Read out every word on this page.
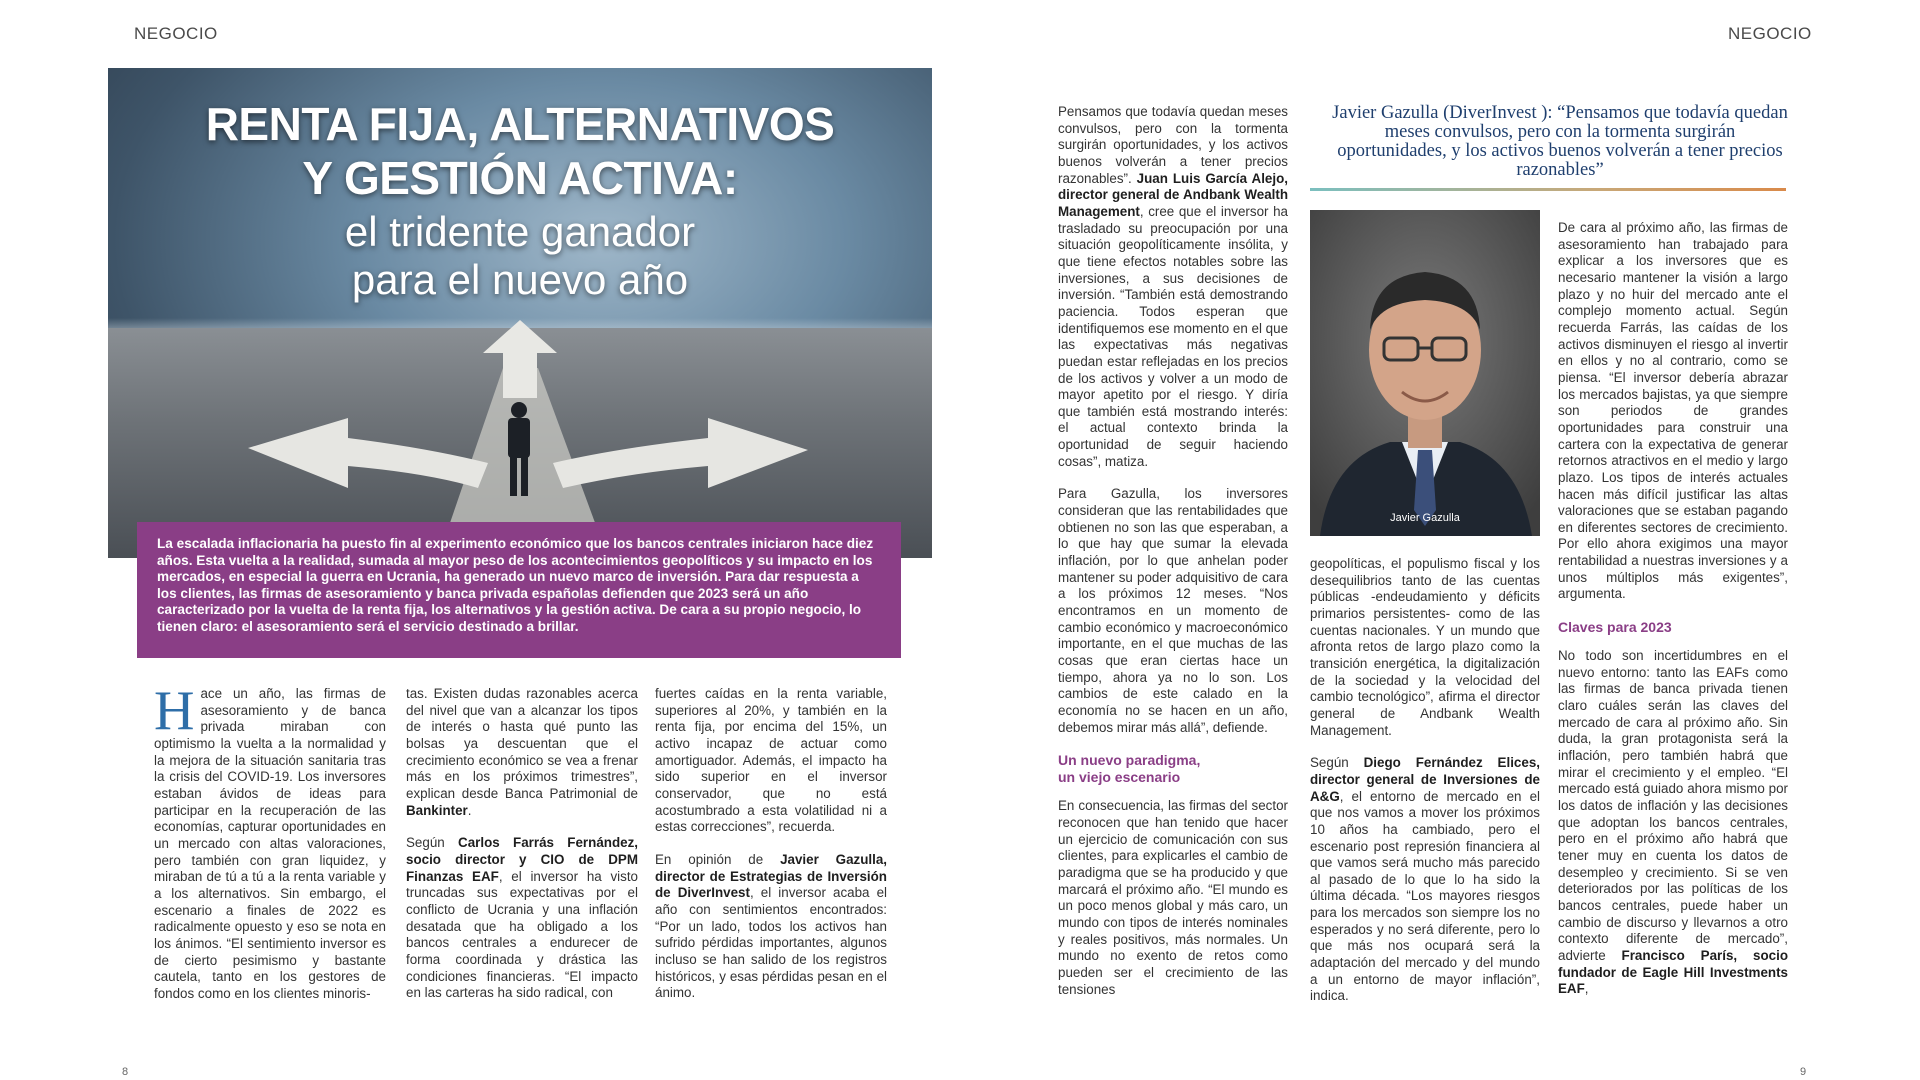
NEGOCIO	NEGOCIO
RENTA FIJA, ALTERNATIVOS
Y GESTIÓN ACTIVA:
el tridente ganador
para el nuevo año
La escalada inflacionaria ha puesto fin al experimento económico que los bancos centrales iniciaron hace diez años. Esta vuelta a la realidad, sumada al mayor peso de los acontecimientos geopolíticos y su impacto en los mercados, en especial la guerra en Ucrania, ha generado un nuevo marco de inversión. Para dar respuesta a los clientes, las firmas de asesoramiento y banca privada españolas defienden que 2023 será un año caracterizado por la vuelta de la renta fija, los alternativos y la gestión activa. De cara a su propio negocio, lo tienen claro: el asesoramiento será el servicio destinado a brillar.

Hace un año, las firmas de asesoramiento y de banca privada miraban con optimismo la vuelta a la normalidad y la mejora de la situación sanitaria tras la crisis del COVID-19. Los inversores estaban ávidos de ideas para participar en la recuperación de las economías, capturar oportunidades en un mercado con altas valoraciones, pero también con gran liquidez, y miraban de tú a tú a la renta variable y a los alternativos. Sin embargo, el escenario a finales de 2022 es radicalmente opuesto y eso se nota en los ánimos. “El sentimiento inversor es de cierto pesimismo y bastante cautela, tanto en los gestores de fondos como en los clientes minoris-

tas. Existen dudas razonables acerca del nivel que van a alcanzar los tipos de interés o hasta qué punto las bolsas ya descuentan que el crecimiento económico se vea a frenar más en los próximos trimestres”, explican desde Banca Patrimonial de Bankinter.

Según Carlos Farrás Fernández, socio director y CIO de DPM Finanzas EAF, el inversor ha visto truncadas sus expectativas por el conflicto de Ucrania y una inflación desatada que ha obligado a los bancos centrales a endurecer de forma coordinada y drástica las condiciones financieras. “El impacto en las carteras ha sido radical, con

fuertes caídas en la renta variable, superiores al 20%, y también en la renta fija, por encima del 15%, un activo incapaz de actuar como amortiguador. Además, el impacto ha sido superior en el inversor conservador, que no está acostumbrado a esta volatilidad ni a estas correcciones”, recuerda.

En opinión de Javier Gazulla, director de Estrategias de Inversión de DiverInvest, el inversor acaba el año con sentimientos encontrados: “Por un lado, todos los activos han sufrido pérdidas importantes, algunos incluso se han salido de los registros históricos, y esas pérdidas pesan en el ánimo.

Pensamos que todavía quedan meses convulsos, pero con la tormenta surgirán oportunidades, y los activos buenos volverán a tener precios razonables”. Juan Luis García Alejo, director general de Andbank Wealth Management, cree que el inversor ha trasladado su preocupación por una situación geopolíticamente insólita, y que tiene efectos notables sobre las inversiones, a sus decisiones de inversión. “También está demostrando paciencia. Todos esperan que identifiquemos ese momento en el que las expectativas más negativas puedan estar reflejadas en los precios de los activos y volver a un modo de mayor apetito por el riesgo. Y diría que también está mostrando interés: el actual contexto brinda la oportunidad de seguir haciendo cosas”, matiza.

Para Gazulla, los inversores consideran que las rentabilidades que obtienen no son las que esperaban, a lo que hay que sumar la elevada inflación, por lo que anhelan poder mantener su poder adquisitivo de cara a los próximos 12 meses. “Nos encontramos en un momento de cambio económico y macroeconómico importante, en el que muchas de las cosas que eran ciertas hace un tiempo, ahora ya no lo son. Los cambios de este calado en la economía no se hacen en un año, debemos mirar más allá”, defiende.

Un nuevo paradigma,
un viejo escenario

En consecuencia, las firmas del sector reconocen que han tenido que hacer un ejercicio de comunicación con sus clientes, para explicarles el cambio de paradigma que se ha producido y que marcará el próximo año. “El mundo es un poco menos global y más caro, un mundo con tipos de interés nominales y reales positivos, más normales. Un mundo no exento de retos como pueden ser el crecimiento de las tensiones

Javier Gazulla (DiverInvest ): “Pensamos que todavía quedan meses convulsos, pero con la tormenta surgirán oportunidades, y los activos buenos volverán a tener precios razonables”
Javier Gazulla

geopolíticas, el populismo fiscal y los desequilibrios tanto de las cuentas públicas -endeudamiento y déficits primarios persistentes- como de las cuentas nacionales. Y un mundo que afronta retos de largo plazo como la transición energética, la digitalización de la sociedad y la velocidad del cambio tecnológico”, afirma el director general de Andbank Wealth Management.

Según Diego Fernández Elices, director general de Inversiones de A&G, el entorno de mercado en el que nos vamos a mover los próximos 10 años ha cambiado, pero el escenario post represión financiera al que vamos será mucho más parecido al pasado de lo que lo ha sido la última década. “Los mayores riesgos para los mercados son siempre los no esperados y no será diferente, pero lo que más nos ocupará será la adaptación del mercado y del mundo a un entorno de mayor inflación”, indica.

De cara al próximo año, las firmas de asesoramiento han trabajado para explicar a los inversores que es necesario mantener la visión a largo plazo y no huir del mercado ante el complejo momento actual. Según recuerda Farrás, las caídas de los activos disminuyen el riesgo al invertir en ellos y no al contrario, como se piensa. “El inversor debería abrazar los mercados bajistas, ya que siempre son periodos de grandes oportunidades para construir una cartera con la expectativa de generar retornos atractivos en el medio y largo plazo. Los tipos de interés actuales hacen más difícil justificar las altas valoraciones que se estaban pagando en diferentes sectores de crecimiento. Por ello ahora exigimos una mayor rentabilidad a nuestras inversiones y a unos múltiplos más exigentes”, argumenta.

Claves para 2023

No todo son incertidumbres en el nuevo entorno: tanto las EAFs como las firmas de banca privada tienen claro cuáles serán las claves del mercado de cara al próximo año. Sin duda, la gran protagonista será la inflación, pero también habrá que mirar el crecimiento y el empleo. “El mercado está guiado ahora mismo por los datos de inflación y las decisiones que adoptan los bancos centrales, pero en el próximo año habrá que tener muy en cuenta los datos de desempleo y crecimiento. Si se ven deteriorados por las políticas de los bancos centrales, puede haber un cambio de discurso y llevarnos a otro contexto diferente de mercado”, advierte Francisco París, socio fundador de Eagle Hill Investments EAF,

8	9
